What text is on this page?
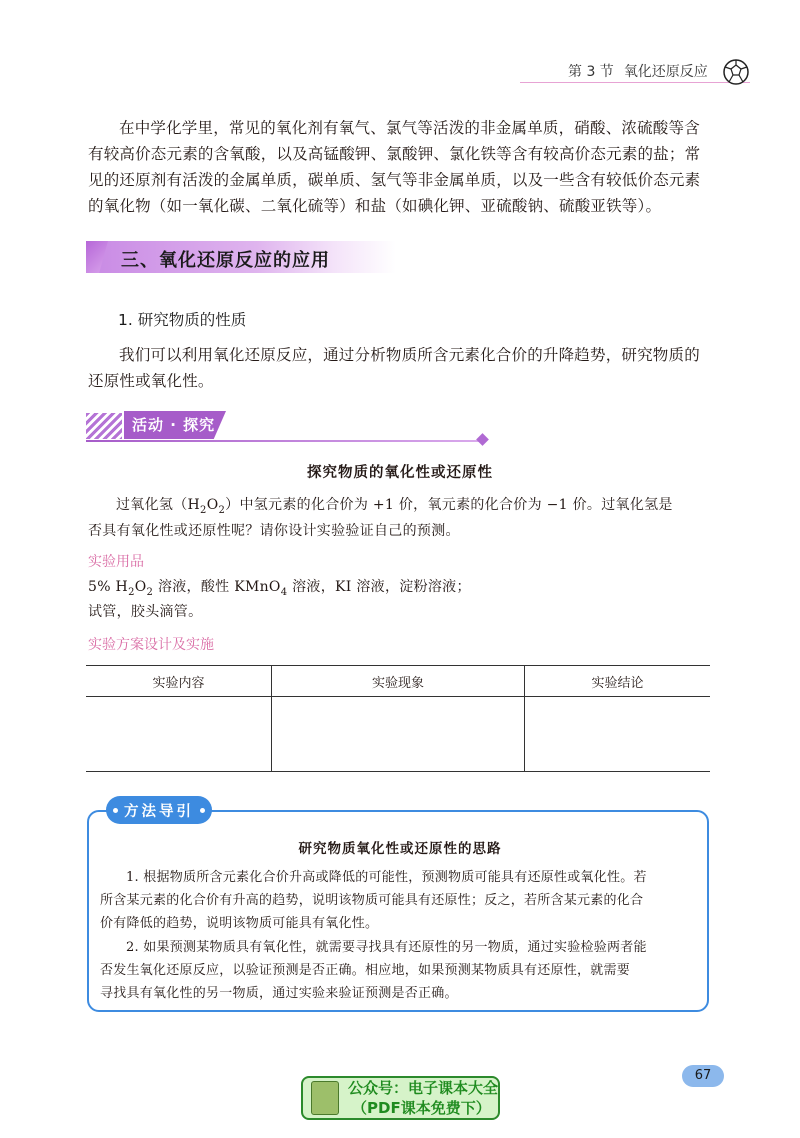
第 3 节 氧化还原反应
在中学化学里，常见的氧化剂有氧气、氯气等活泼的非金属单质，硝酸、浓硫酸等含
有较高价态元素的含氧酸，以及高锰酸钾、氯酸钾、氯化铁等含有较高价态元素的盐；常
见的还原剂有活泼的金属单质，碳单质、氢气等非金属单质，以及一些含有较低价态元素
的氧化物（如一氧化碳、二氧化硫等）和盐（如碘化钾、亚硫酸钠、硫酸亚铁等）。
三、氧化还原反应的应用
1. 研究物质的性质
我们可以利用氧化还原反应，通过分析物质所含元素化合价的升降趋势，研究物质的
还原性或氧化性。
活动 · 探究
探究物质的氧化性或还原性
过氧化氢$(H_2O_2)$中氢元素的化合价为 +1 价，氧元素的化合价为 −1 价。过氧化氢是
否具有氧化性或还原性呢？请你设计实验验证自己的预测。
实验用品
5% $H_2O_2$ 溶液，酸性 KMnO$_4$ 溶液，KI 溶液，淀粉溶液；
试管，胶头滴管。
实验方案设计及实施
实验内容	实验现象	实验结论

方法导引
研究物质氧化性或还原性的思路
1. 根据物质所含元素化合价升高或降低的可能性，预测物质可能具有还原性或氧化性。若
所含某元素的化合价有升高的趋势，说明该物质可能具有还原性；反之，若所含某元素的化合
价有降低的趋势，说明该物质可能具有氧化性。
2. 如果预测某物质具有氧化性，就需要寻找具有还原性的另一物质，通过实验检验两者能
否发生氧化还原反应，以验证预测是否正确。相应地，如果预测某物质具有还原性，就需要
寻找具有氧化性的另一物质，通过实验来验证预测是否正确。
67
公众号：电子课本大全
（PDF课本免费下）
